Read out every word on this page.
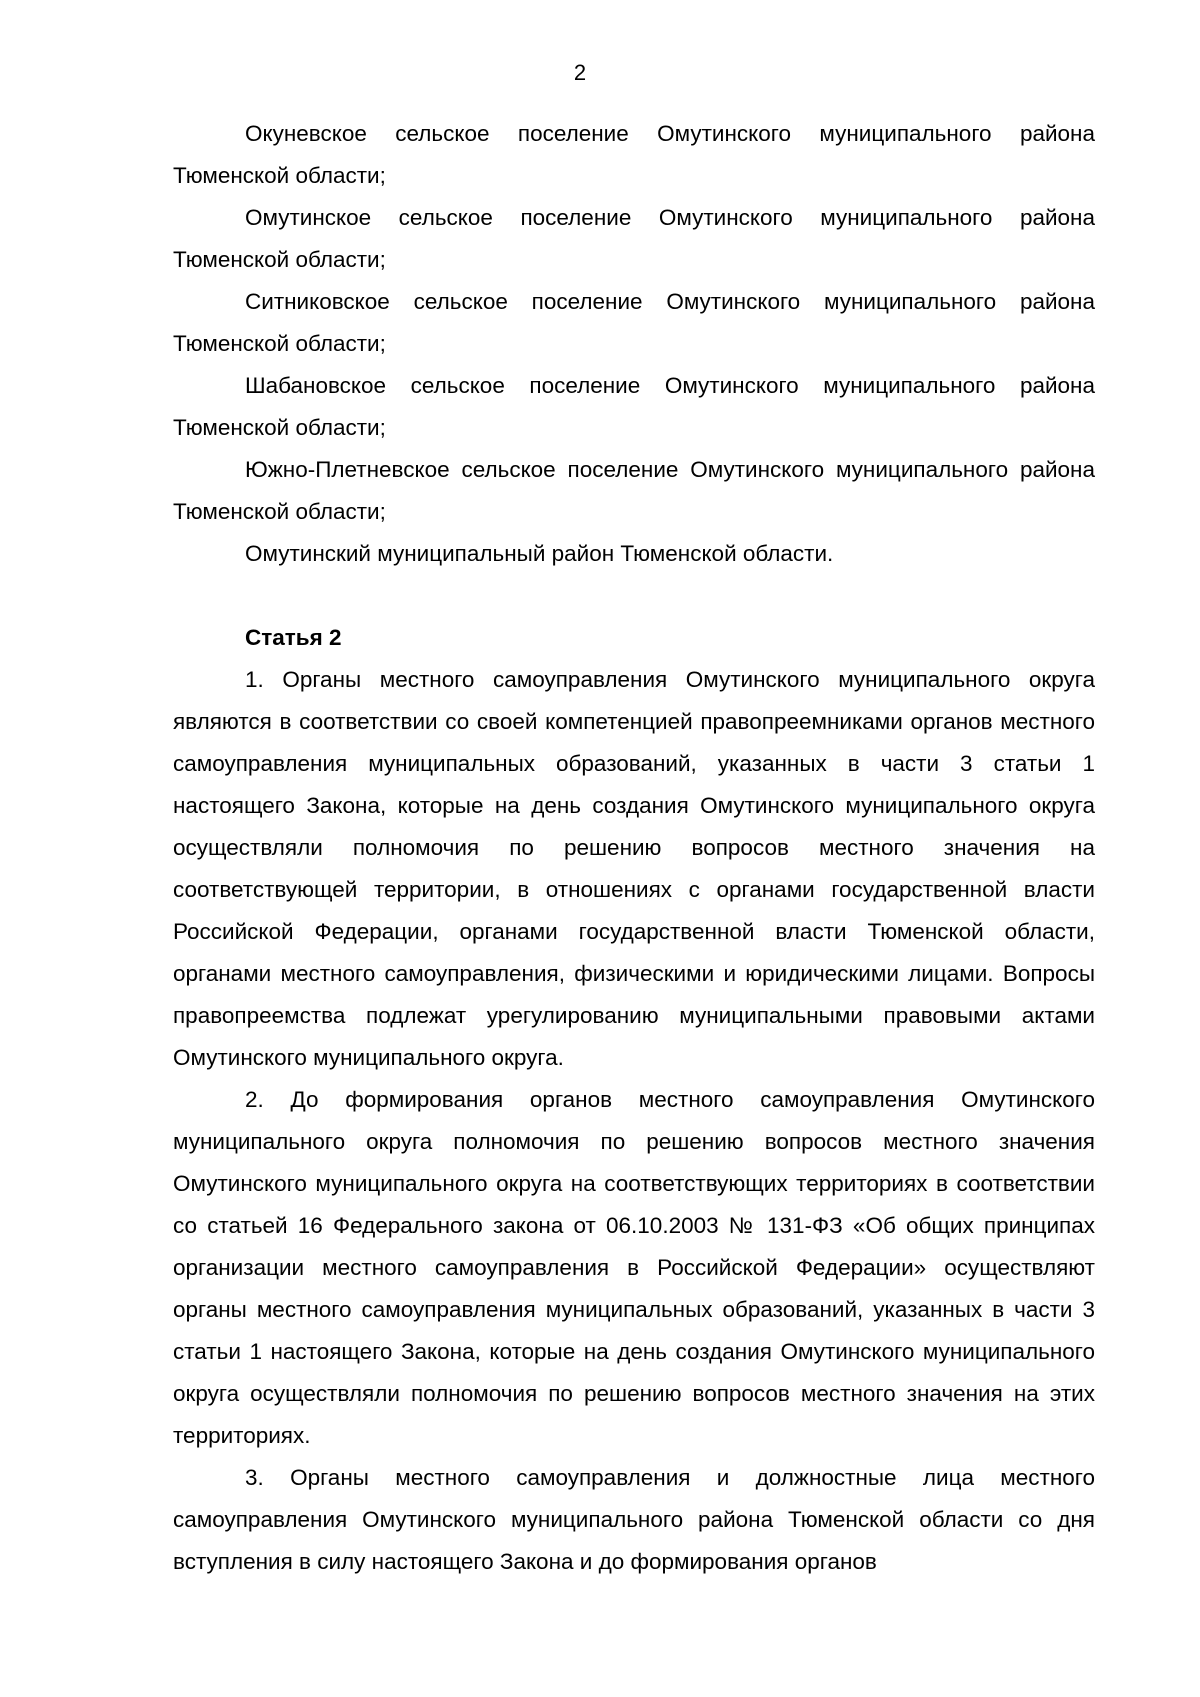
2

Окуневское сельское поселение Омутинского муниципального района Тюменской области;

Омутинское сельское поселение Омутинского муниципального района Тюменской области;

Ситниковское сельское поселение Омутинского муниципального района Тюменской области;

Шабановское сельское поселение Омутинского муниципального района Тюменской области;

Южно-Плетневское сельское поселение Омутинского муниципального района Тюменской области;

Омутинский муниципальный район Тюменской области.

Статья 2

1. Органы местного самоуправления Омутинского муниципального округа являются в соответствии со своей компетенцией правопреемниками органов местного самоуправления муниципальных образований, указанных в части 3 статьи 1 настоящего Закона, которые на день создания Омутинского муниципального округа осуществляли полномочия по решению вопросов местного значения на соответствующей территории, в отношениях с органами государственной власти Российской Федерации, органами государственной власти Тюменской области, органами местного самоуправления, физическими и юридическими лицами. Вопросы правопреемства подлежат урегулированию муниципальными правовыми актами Омутинского муниципального округа.

2. До формирования органов местного самоуправления Омутинского муниципального округа полномочия по решению вопросов местного значения Омутинского муниципального округа на соответствующих территориях в соответствии со статьей 16 Федерального закона от 06.10.2003 № 131-ФЗ «Об общих принципах организации местного самоуправления в Российской Федерации» осуществляют органы местного самоуправления муниципальных образований, указанных в части 3 статьи 1 настоящего Закона, которые на день создания Омутинского муниципального округа осуществляли полномочия по решению вопросов местного значения на этих территориях.

3. Органы местного самоуправления и должностные лица местного самоуправления Омутинского муниципального района Тюменской области со дня вступления в силу настоящего Закона и до формирования органов
